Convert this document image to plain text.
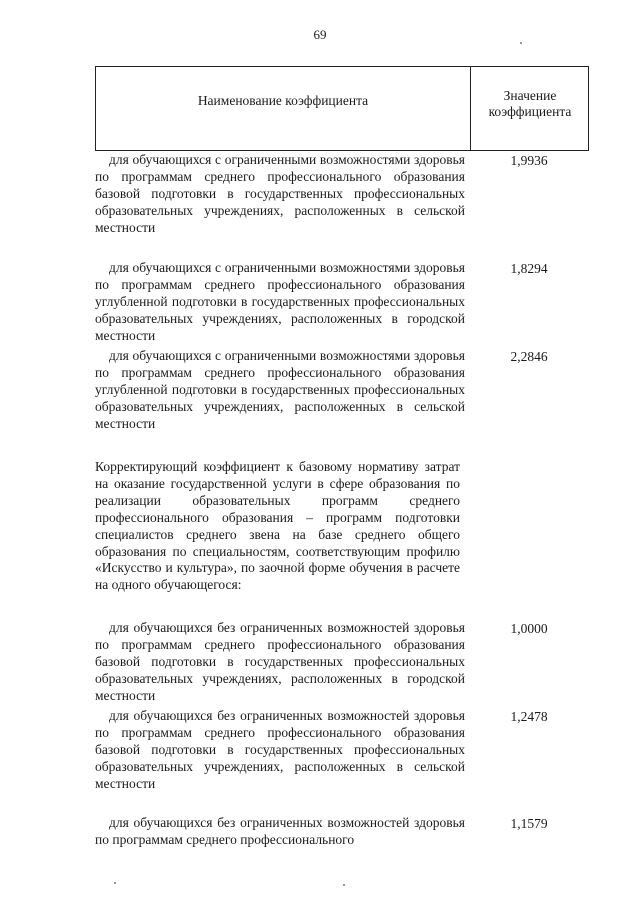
69
Наименование коэффициента	Значение коэффициента
для обучающихся с ограниченными возможностями здоровья по программам среднего профессионального образования базовой подготовки в государственных профессиональных образовательных учреждениях, расположенных в сельской местности
1,9936
для обучающихся с ограниченными возможностями здоровья по программам среднего профессионального образования углубленной подготовки в государственных профессиональных образовательных учреждениях, расположенных в городской местности
1,8294
для обучающихся с ограниченными возможностями здоровья по программам среднего профессионального образования углубленной подготовки в государственных профессиональных образовательных учреждениях, расположенных в сельской местности
2,2846
Корректирующий коэффициент к базовому нормативу затрат на оказание государственной услуги в сфере образования по реализации образовательных программ среднего профессионального образования – программ подготовки специалистов среднего звена на базе среднего общего образования по специальностям, соответствующим профилю «Искусство и культура», по заочной форме обучения в расчете на одного обучающегося:
для обучающихся без ограниченных возможностей здоровья по программам среднего профессионального образования базовой подготовки в государственных профессиональных образовательных учреждениях, расположенных в городской местности
1,0000
для обучающихся без ограниченных возможностей здоровья по программам среднего профессионального образования базовой подготовки в государственных профессиональных образовательных учреждениях, расположенных в сельской местности
1,2478
для обучающихся без ограниченных возможностей здоровья по программам среднего профессионального
1,1579
